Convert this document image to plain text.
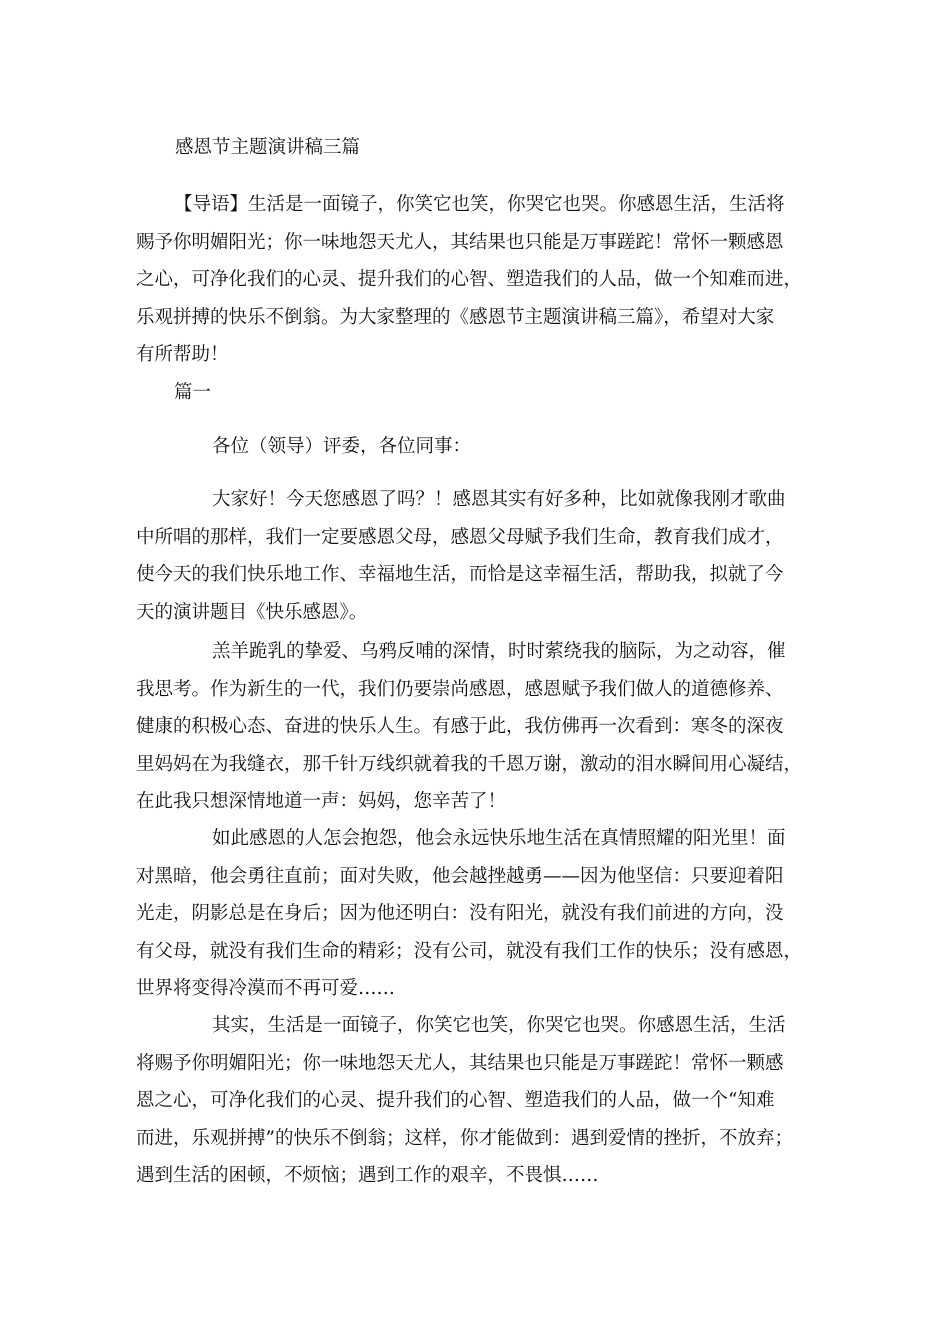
感恩节主题演讲稿三篇
【导语】生活是一面镜子，你笑它也笑，你哭它也哭。你感恩生活，生活将
赐予你明媚阳光；你一味地怨天尤人，其结果也只能是万事蹉跎！常怀一颗感恩
之心，可净化我们的心灵、提升我们的心智、塑造我们的人品，做一个知难而进，
乐观拼搏的快乐不倒翁。为大家整理的《感恩节主题演讲稿三篇》，希望对大家
有所帮助！
篇一
各位（领导）评委，各位同事：
大家好！今天您感恩了吗？！感恩其实有好多种，比如就像我刚才歌曲
中所唱的那样，我们一定要感恩父母，感恩父母赋予我们生命，教育我们成才，
使今天的我们快乐地工作、幸福地生活，而恰是这幸福生活，帮助我，拟就了今
天的演讲题目《快乐感恩》。
羔羊跪乳的挚爱、乌鸦反哺的深情，时时萦绕我的脑际，为之动容，催
我思考。作为新生的一代，我们仍要崇尚感恩，感恩赋予我们做人的道德修养、
健康的积极心态、奋进的快乐人生。有感于此，我仿佛再一次看到：寒冬的深夜
里妈妈在为我缝衣，那千针万线织就着我的千恩万谢，激动的泪水瞬间用心凝结，
在此我只想深情地道一声：妈妈，您辛苦了！
如此感恩的人怎会抱怨，他会永远快乐地生活在真情照耀的阳光里！面
对黑暗，他会勇往直前；面对失败，他会越挫越勇——因为他坚信：只要迎着阳
光走，阴影总是在身后；因为他还明白：没有阳光，就没有我们前进的方向，没
有父母，就没有我们生命的精彩；没有公司，就没有我们工作的快乐；没有感恩，
世界将变得冷漠而不再可爱……
其实，生活是一面镜子，你笑它也笑，你哭它也哭。你感恩生活，生活
将赐予你明媚阳光；你一味地怨天尤人，其结果也只能是万事蹉跎！常怀一颗感
恩之心，可净化我们的心灵、提升我们的心智、塑造我们的人品，做一个“知难
而进，乐观拼搏”的快乐不倒翁；这样，你才能做到：遇到爱情的挫折，不放弃；
遇到生活的困顿，不烦恼；遇到工作的艰辛，不畏惧……
